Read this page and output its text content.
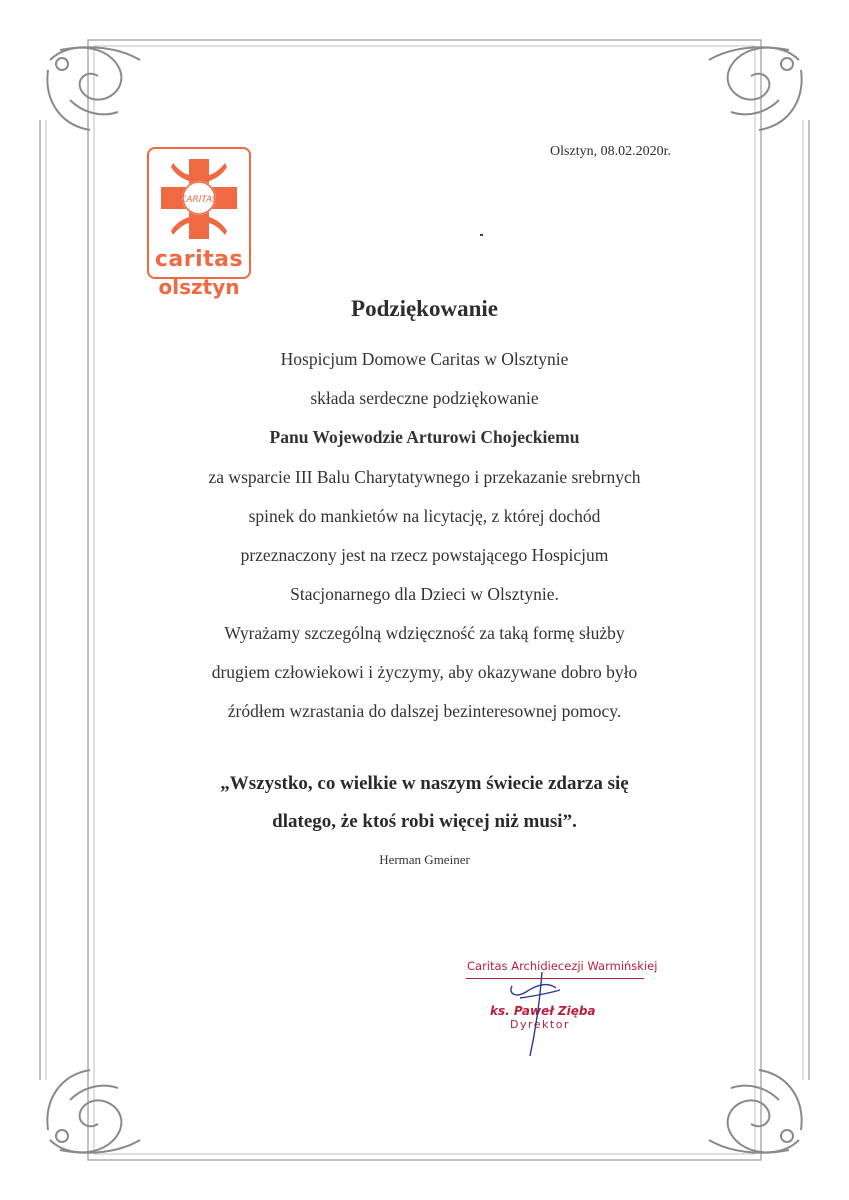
Olsztyn, 08.02.2020r.
CARITAS
caritas
olsztyn
Podziękowanie
Hospicjum Domowe Caritas w Olsztynie
składa serdeczne podziękowanie
Panu Wojewodzie Arturowi Chojeckiemu
za wsparcie III Balu Charytatywnego i przekazanie srebrnych
spinek do mankietów na licytację, z której dochód
przeznaczony jest na rzecz powstającego Hospicjum
Stacjonarnego dla Dzieci w Olsztynie.
Wyrażamy szczególną wdzięczność za taką formę służby
drugiem człowiekowi i życzymy, aby okazywane dobro było
źródłem wzrastania do dalszej bezinteresownej pomocy.
„Wszystko, co wielkie w naszym świecie zdarza się
dlatego, że ktoś robi więcej niż musi”.
Herman Gmeiner
Caritas Archidiecezji Warmińskiej
ks. Paweł Zięba
Dyrektor
